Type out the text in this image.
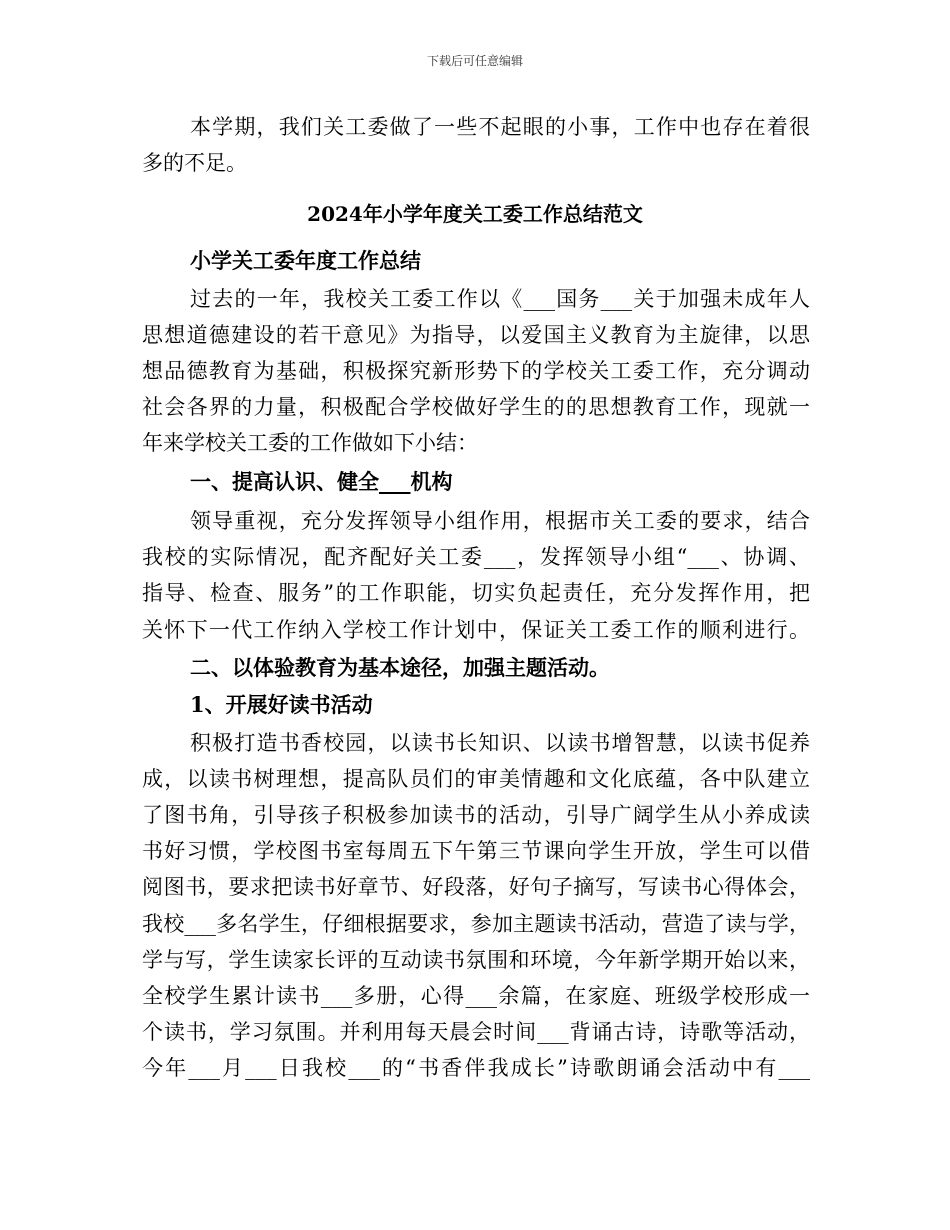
下载后可任意编辑
本学期，我们关工委做了一些不起眼的小事，工作中也存在着很
多的不足。
2024年小学年度关工委工作总结范文
小学关工委年度工作总结
过去的一年，我校关工委工作以《___国务___关于加强未成年人
思想道德建设的若干意见》为指导，以爱国主义教育为主旋律，以思
想品德教育为基础，积极探究新形势下的学校关工委工作，充分调动
社会各界的力量，积极配合学校做好学生的的思想教育工作，现就一
年来学校关工委的工作做如下小结：
一、提高认识、健全___机构
领导重视，充分发挥领导小组作用，根据市关工委的要求，结合
我校的实际情况，配齐配好关工委___，发挥领导小组“___、协调、
指导、检查、服务”的工作职能，切实负起责任，充分发挥作用，把
关怀下一代工作纳入学校工作计划中，保证关工委工作的顺利进行。
二、以体验教育为基本途径，加强主题活动。
1、开展好读书活动
积极打造书香校园，以读书长知识、以读书增智慧，以读书促养
成，以读书树理想，提高队员们的审美情趣和文化底蕴，各中队建立
了图书角，引导孩子积极参加读书的活动，引导广阔学生从小养成读
书好习惯，学校图书室每周五下午第三节课向学生开放，学生可以借
阅图书，要求把读书好章节、好段落，好句子摘写，写读书心得体会，
我校___多名学生，仔细根据要求，参加主题读书活动，营造了读与学，
学与写，学生读家长评的互动读书氛围和环境，今年新学期开始以来，
全校学生累计读书___多册，心得___余篇，在家庭、班级学校形成一
个读书，学习氛围。并利用每天晨会时间___背诵古诗，诗歌等活动，
今年___月___日我校___的“书香伴我成长”诗歌朗诵会活动中有___
